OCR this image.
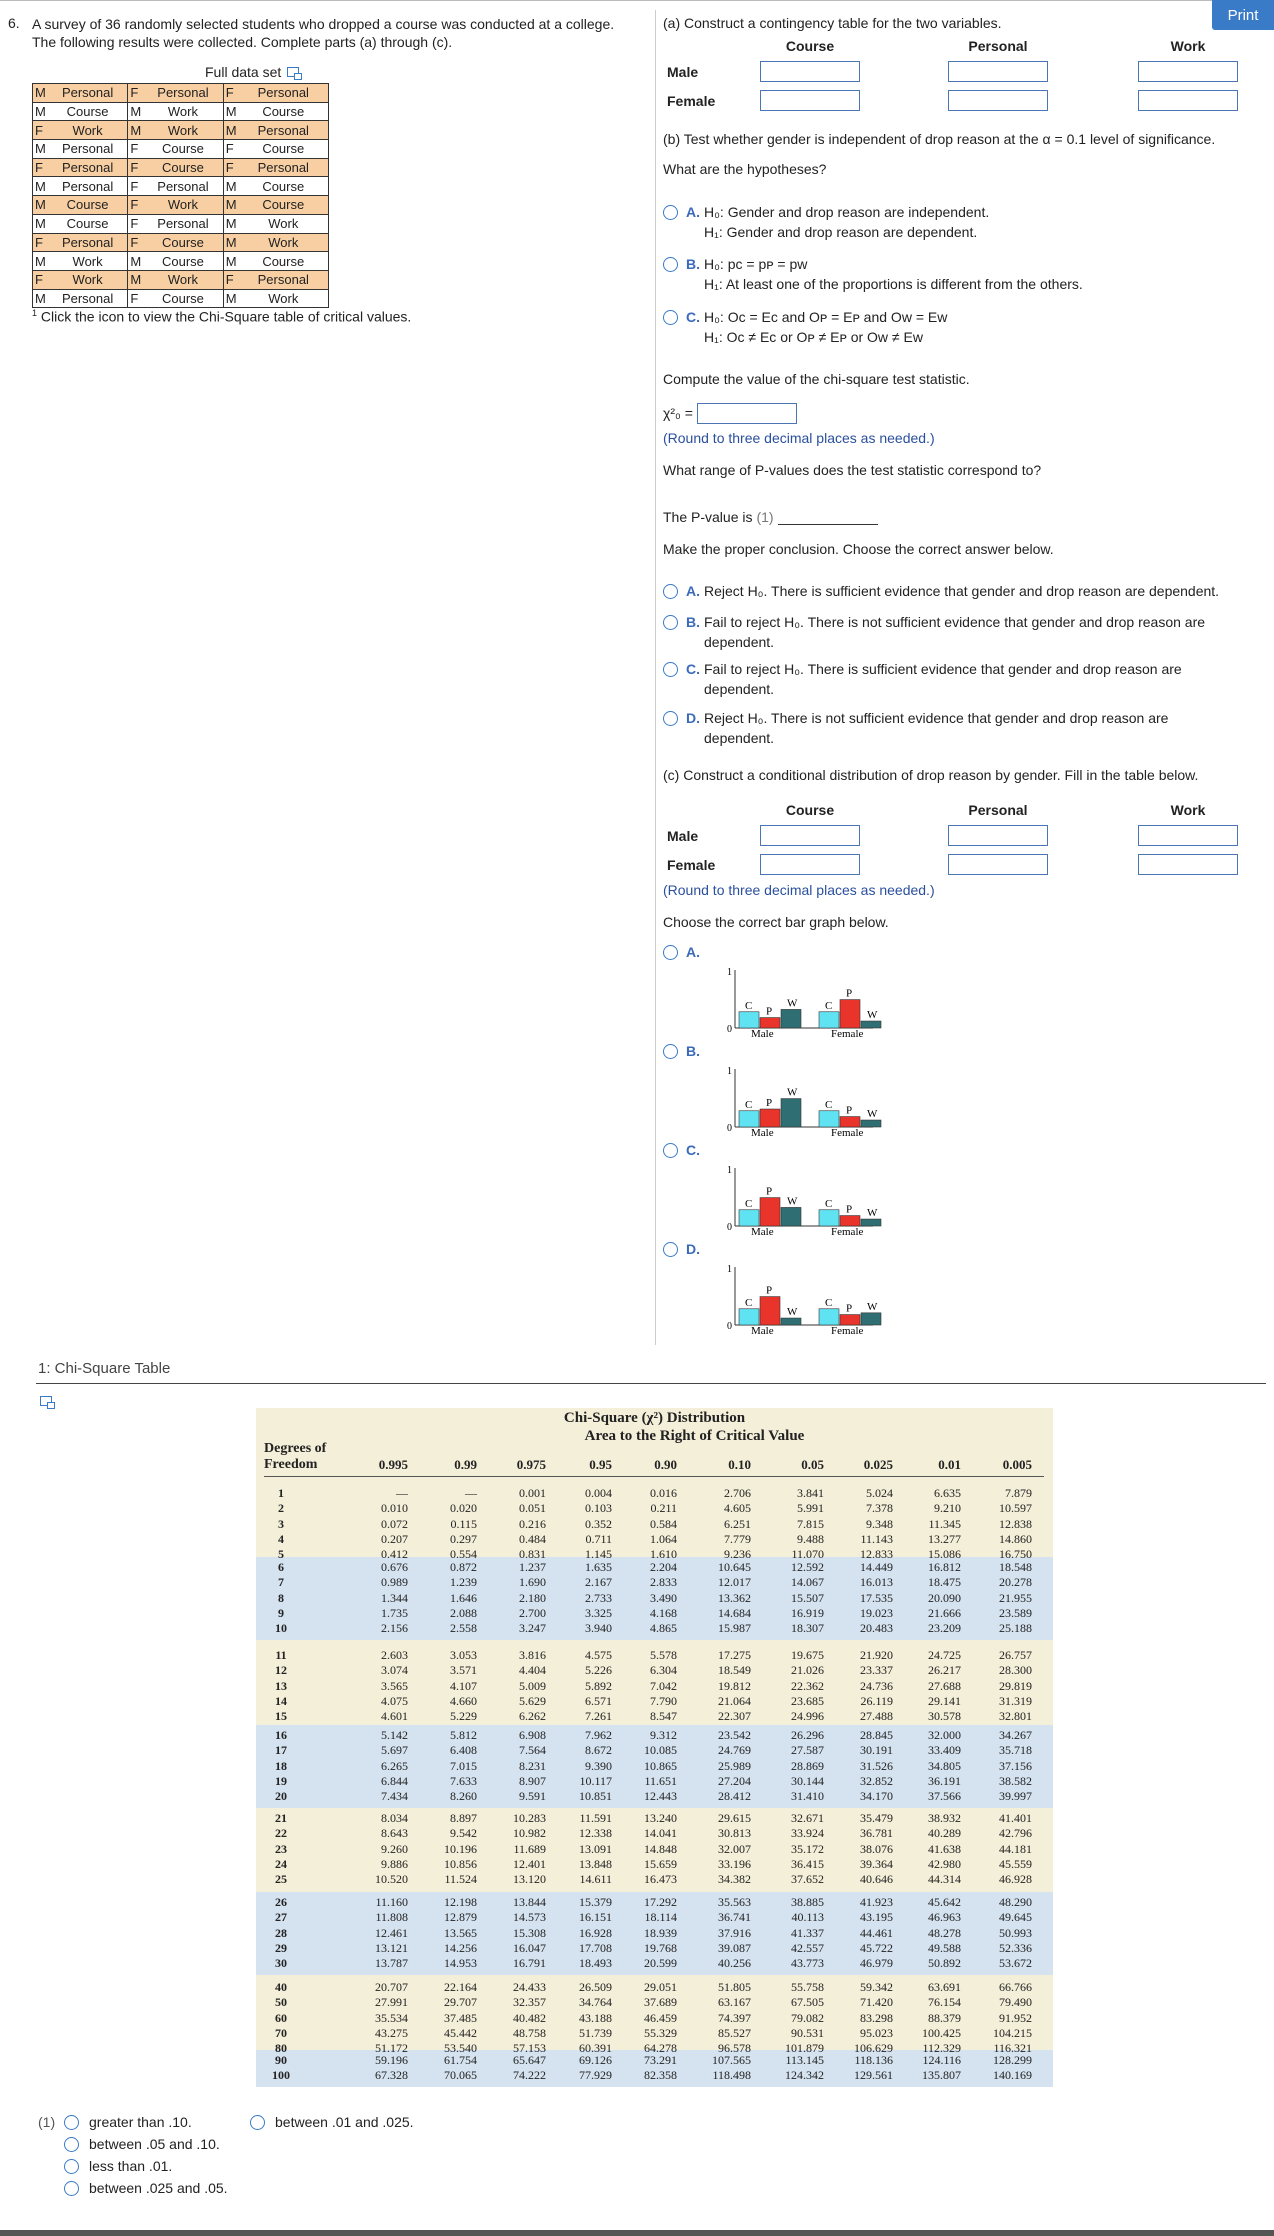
Print
6. A survey of 36 randomly selected students who dropped a course was conducted at a college.
The following results were collected. Complete parts (a) through (c).
Full data set
M	Personal	F	Personal	F	Personal
M	Course	M	Work	M	Course
F	Work	M	Work	M	Personal
M	Personal	F	Course	F	Course
F	Personal	F	Course	F	Personal
M	Personal	F	Personal	M	Course
M	Course	F	Work	M	Course
M	Course	F	Personal	M	Work
F	Personal	F	Course	M	Work
M	Work	M	Course	M	Course
F	Work	M	Work	F	Personal
M	Personal	F	Course	M	Work
$^1$ Click the icon to view the Chi-Square table of critical values.
(a) Construct a contingency table for the two variables.
Course	Personal	Work
Male
Female
(b) Test whether gender is independent of drop reason at the α = 0.1 level of significance.
What are the hypotheses?
A. H₀: Gender and drop reason are independent.
H₁: Gender and drop reason are dependent.
B. H₀: pᴄ = pᴘ = pᴡ
H₁: At least one of the proportions is different from the others.
C. H₀: Oᴄ = Eᴄ and Oᴘ = Eᴘ and Oᴡ = Eᴡ
H₁: Oᴄ ≠ Eᴄ or Oᴘ ≠ Eᴘ or Oᴡ ≠ Eᴡ
Compute the value of the chi-square test statistic.
χ²₀ =
(Round to three decimal places as needed.)
What range of P-values does the test statistic correspond to?
The P-value is (1)
Make the proper conclusion. Choose the correct answer below.
A. Reject H₀. There is sufficient evidence that gender and drop reason are dependent.
B. Fail to reject H₀. There is not sufficient evidence that gender and drop reason are
dependent.
C. Fail to reject H₀. There is sufficient evidence that gender and drop reason are
dependent.
D. Reject H₀. There is not sufficient evidence that gender and drop reason are
dependent.
(c) Construct a conditional distribution of drop reason by gender. Fill in the table below.
Course	Personal	Work
Male
Female
(Round to three decimal places as needed.)
Choose the correct bar graph below.
A.
1
0
C P
W
Male
C
P
W
Female
B.
1
0
C P
W
Male
C P W
Female
C.
1
0
C
P
W
Male
C P W
Female
D.
1
0
C
P
W
Male
C P W
Female
1: Chi-Square Table
Chi-Square (χ²) Distribution
Area to the Right of Critical Value
Degrees of
Freedom	0.995	0.99	0.975	0.95	0.90	0.10	0.05	0.025	0.01	0.005
1	—	—	0.001	0.004	0.016	2.706	3.841	5.024	6.635	7.879
2	0.010	0.020	0.051	0.103	0.211	4.605	5.991	7.378	9.210	10.597
3	0.072	0.115	0.216	0.352	0.584	6.251	7.815	9.348	11.345	12.838
4	0.207	0.297	0.484	0.711	1.064	7.779	9.488	11.143	13.277	14.860
5	0.412	0.554	0.831	1.145	1.610	9.236	11.070	12.833	15.086	16.750
6	0.676	0.872	1.237	1.635	2.204	10.645	12.592	14.449	16.812	18.548
7	0.989	1.239	1.690	2.167	2.833	12.017	14.067	16.013	18.475	20.278
8	1.344	1.646	2.180	2.733	3.490	13.362	15.507	17.535	20.090	21.955
9	1.735	2.088	2.700	3.325	4.168	14.684	16.919	19.023	21.666	23.589
10	2.156	2.558	3.247	3.940	4.865	15.987	18.307	20.483	23.209	25.188
11	2.603	3.053	3.816	4.575	5.578	17.275	19.675	21.920	24.725	26.757
12	3.074	3.571	4.404	5.226	6.304	18.549	21.026	23.337	26.217	28.300
13	3.565	4.107	5.009	5.892	7.042	19.812	22.362	24.736	27.688	29.819
14	4.075	4.660	5.629	6.571	7.790	21.064	23.685	26.119	29.141	31.319
15	4.601	5.229	6.262	7.261	8.547	22.307	24.996	27.488	30.578	32.801
16	5.142	5.812	6.908	7.962	9.312	23.542	26.296	28.845	32.000	34.267
17	5.697	6.408	7.564	8.672	10.085	24.769	27.587	30.191	33.409	35.718
18	6.265	7.015	8.231	9.390	10.865	25.989	28.869	31.526	34.805	37.156
19	6.844	7.633	8.907	10.117	11.651	27.204	30.144	32.852	36.191	38.582
20	7.434	8.260	9.591	10.851	12.443	28.412	31.410	34.170	37.566	39.997
21	8.034	8.897	10.283	11.591	13.240	29.615	32.671	35.479	38.932	41.401
22	8.643	9.542	10.982	12.338	14.041	30.813	33.924	36.781	40.289	42.796
23	9.260	10.196	11.689	13.091	14.848	32.007	35.172	38.076	41.638	44.181
24	9.886	10.856	12.401	13.848	15.659	33.196	36.415	39.364	42.980	45.559
25	10.520	11.524	13.120	14.611	16.473	34.382	37.652	40.646	44.314	46.928
26	11.160	12.198	13.844	15.379	17.292	35.563	38.885	41.923	45.642	48.290
27	11.808	12.879	14.573	16.151	18.114	36.741	40.113	43.195	46.963	49.645
28	12.461	13.565	15.308	16.928	18.939	37.916	41.337	44.461	48.278	50.993
29	13.121	14.256	16.047	17.708	19.768	39.087	42.557	45.722	49.588	52.336
30	13.787	14.953	16.791	18.493	20.599	40.256	43.773	46.979	50.892	53.672
40	20.707	22.164	24.433	26.509	29.051	51.805	55.758	59.342	63.691	66.766
50	27.991	29.707	32.357	34.764	37.689	63.167	67.505	71.420	76.154	79.490
60	35.534	37.485	40.482	43.188	46.459	74.397	79.082	83.298	88.379	91.952
70	43.275	45.442	48.758	51.739	55.329	85.527	90.531	95.023	100.425	104.215
80	51.172	53.540	57.153	60.391	64.278	96.578	101.879	106.629	112.329	116.321
90	59.196	61.754	65.647	69.126	73.291	107.565	113.145	118.136	124.116	128.299
100	67.328	70.065	74.222	77.929	82.358	118.498	124.342	129.561	135.807	140.169
(1) greater than .10.
between .05 and .10.
less than .01.
between .025 and .05.
between .01 and .025.
